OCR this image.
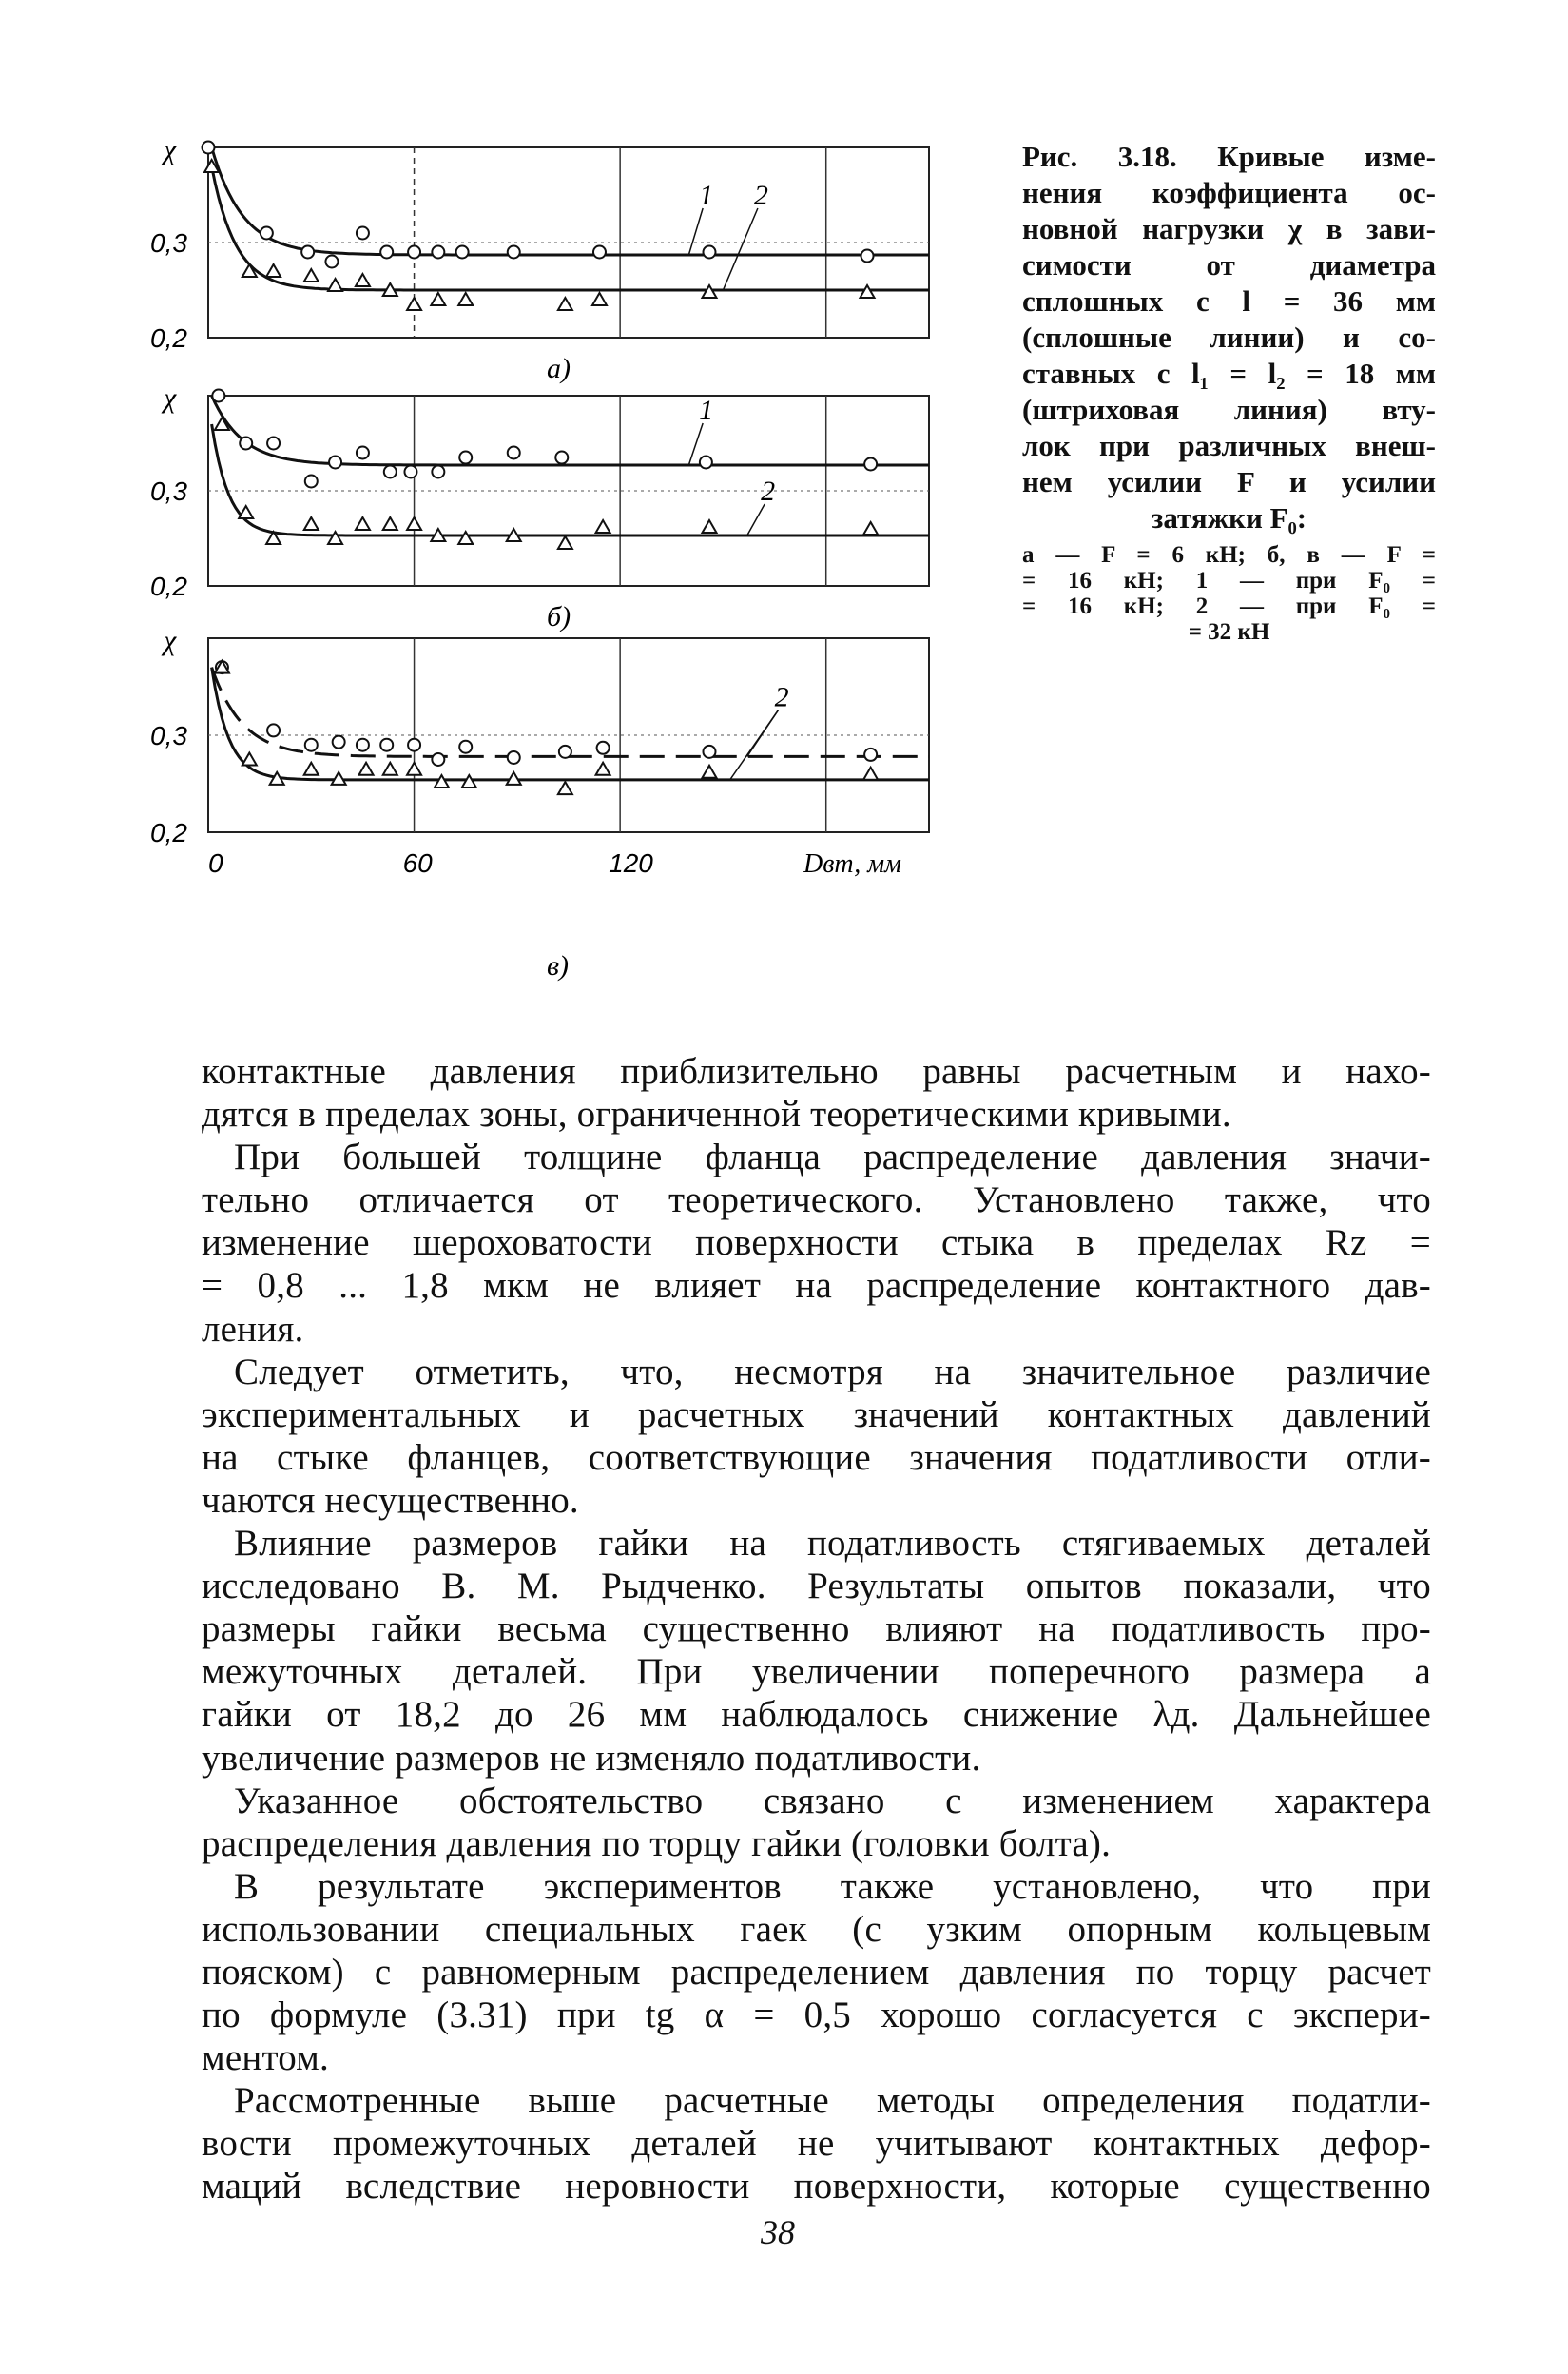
χ
0,3
0,2
1 2
а)
χ
0,3
0,2
1
2
б)
χ
0,3
0,2
2
в)
0	60	120	Dвт, мм
Рис. 3.18. Кривые изме-
нения коэффициента ос-
новной нагрузки χ в зави-
симости от диаметра
сплошных с l = 36 мм
(сплошные линии) и со-
ставных с l₁ = l₂ = 18 мм
(штриховая линия) вту-
лок при различных внеш-
нем усилии F и усилии
затяжки F₀:
а — F = 6 кН; б, в — F =
= 16 кН; 1 — при F₀ =
= 16 кН; 2 — при F₀ =
= 32 кН
контактные давления приблизительно равны расчетным и нахо-
дятся в пределах зоны, ограниченной теоретическими кривыми.
При большей толщине фланца распределение давления значи-
тельно отличается от теоретического. Установлено также, что
изменение шероховатости поверхности стыка в пределах Rz =
= 0,8 ... 1,8 мкм не влияет на распределение контактного дав-
ления.
Следует отметить, что, несмотря на значительное различие
экспериментальных и расчетных значений контактных давлений
на стыке фланцев, соответствующие значения податливости отли-
чаются несущественно.
Влияние размеров гайки на податливость стягиваемых деталей
исследовано В. М. Рыдченко. Результаты опытов показали, что
размеры гайки весьма существенно влияют на податливость про-
межуточных деталей. При увеличении поперечного размера a
гайки от 18,2 до 26 мм наблюдалось снижение λд. Дальнейшее
увеличение размеров не изменяло податливости.
Указанное обстоятельство связано с изменением характера
распределения давления по торцу гайки (головки болта).
В результате экспериментов также установлено, что при
использовании специальных гаек (с узким опорным кольцевым
пояском) с равномерным распределением давления по торцу расчет
по формуле (3.31) при tg α = 0,5 хорошо согласуется с экспери-
ментом.
Рассмотренные выше расчетные методы определения податли-
вости промежуточных деталей не учитывают контактных дефор-
маций вследствие неровности поверхности, которые существенно
38
